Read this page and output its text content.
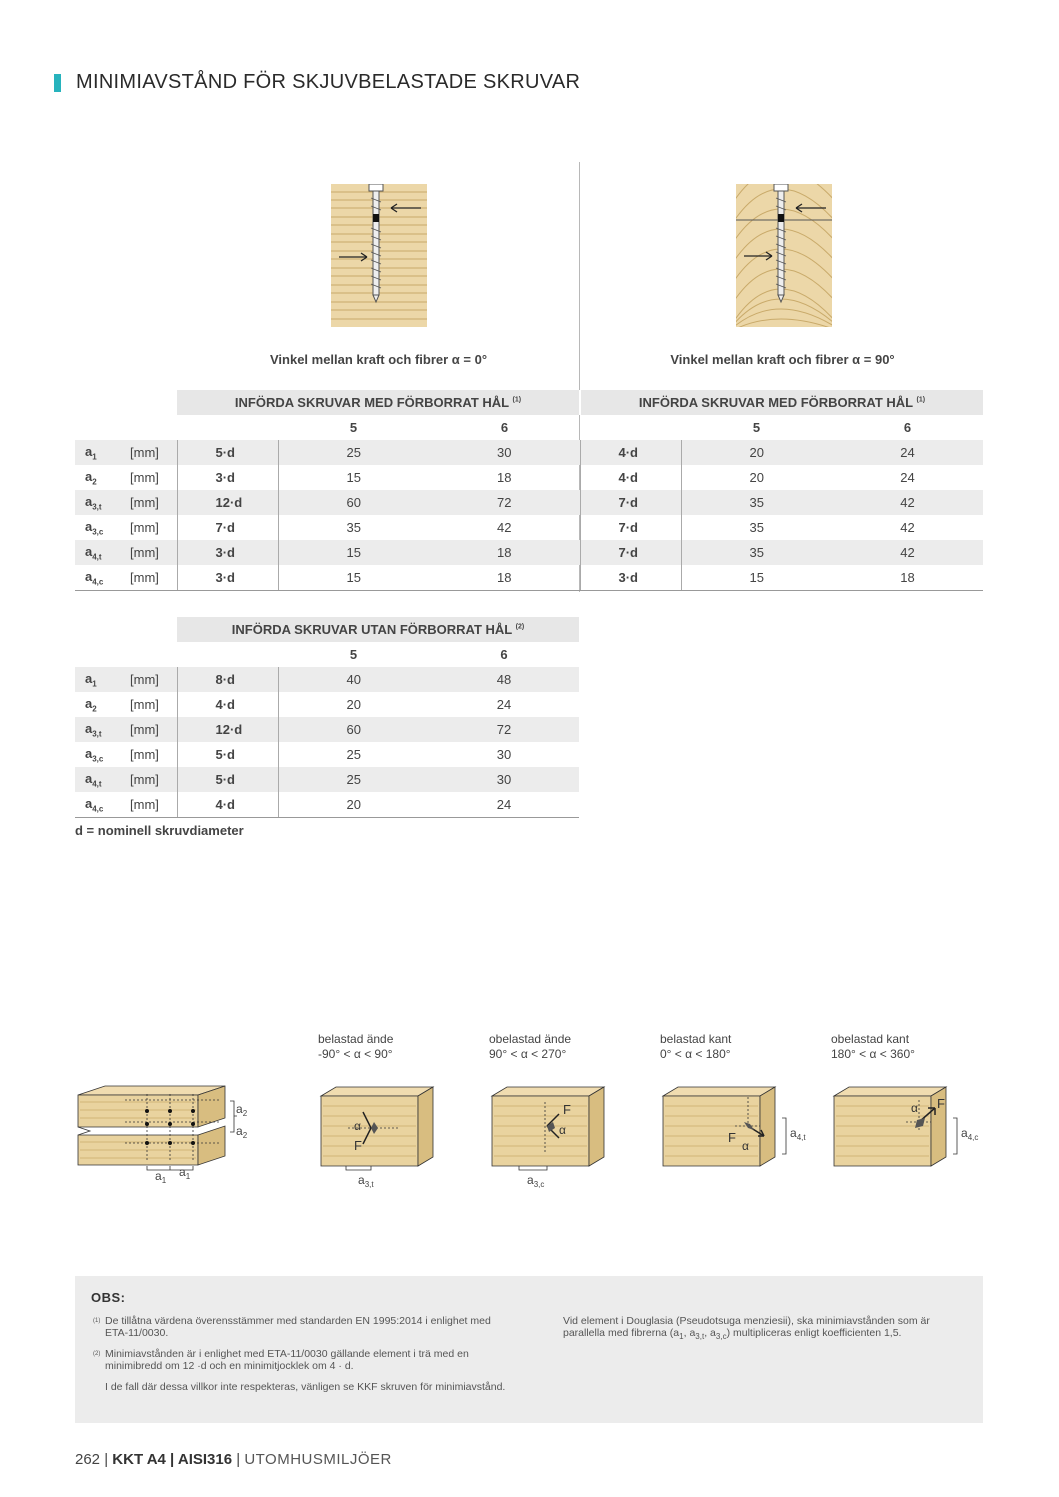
MINIMIAVSTÅND FÖR SKJUVBELASTADE SKRUVAR
Vinkel mellan kraft och fibrer α = 0°	Vinkel mellan kraft och fibrer α = 90°
		INFÖRDA SKRUVAR MED FÖRBORRAT HÅL $^{(1)}$			INFÖRDA SKRUVAR MED FÖRBORRAT HÅL $^{(1)}$
			5	6		5	6
$a_1$	[mm]	5·d	25	30	4·d	20	24
$a_2$	[mm]	3·d	15	18	4·d	20	24
$a_{3,t}$	[mm]	12·d	60	72	7·d	35	42
$a_{3,c}$	[mm]	7·d	35	42	7·d	35	42
$a_{4,t}$	[mm]	3·d	15	18	7·d	35	42
$a_{4,c}$	[mm]	3·d	15	18	3·d	15	18
		INFÖRDA SKRUVAR UTAN FÖRBORRAT HÅL $^{(2)}$
			5	6
$a_1$	[mm]	8·d	40	48
$a_2$	[mm]	4·d	20	24
$a_{3,t}$	[mm]	12·d	60	72
$a_{3,c}$	[mm]	5·d	25	30
$a_{4,t}$	[mm]	5·d	25	30
$a_{4,c}$	[mm]	4·d	20	24
d = nominell skruvdiameter
belastad ände
-90° < α < 90°
obelastad ände
90° < α < 270°
belastad kant
0° < α < 180°
obelastad kant
180° < α < 360°
$a_2$
$a_2$
$a_1$
$a_1$
α
F
$a_{3,t}$
F
α
$a_{3,c}$
F
α
$a_{4,t}$
α F
$a_{4,c}$
OBS:
(1) De tillåtna värdena överensstämmer med standarden EN 1995:2014 i enlighet med ETA-11/0030.
(2) Minimiavstånden är i enlighet med ETA-11/0030 gällande element i trä med en minimibredd om 12 ·d och en minimitjocklek om 4 · d.
I de fall där dessa villkor inte respekteras, vänligen se KKF skruven för minimiavstånd.
Vid element i Douglasia (Pseudotsuga menziesii), ska minimiavstånden som är parallella med fibrerna ($a_1$, $a_{3,t}$, $a_{3,c}$) multipliceras enligt koefficienten 1,5.
262 | KKT A4 | AISI316 | UTOMHUSMILJÖER
